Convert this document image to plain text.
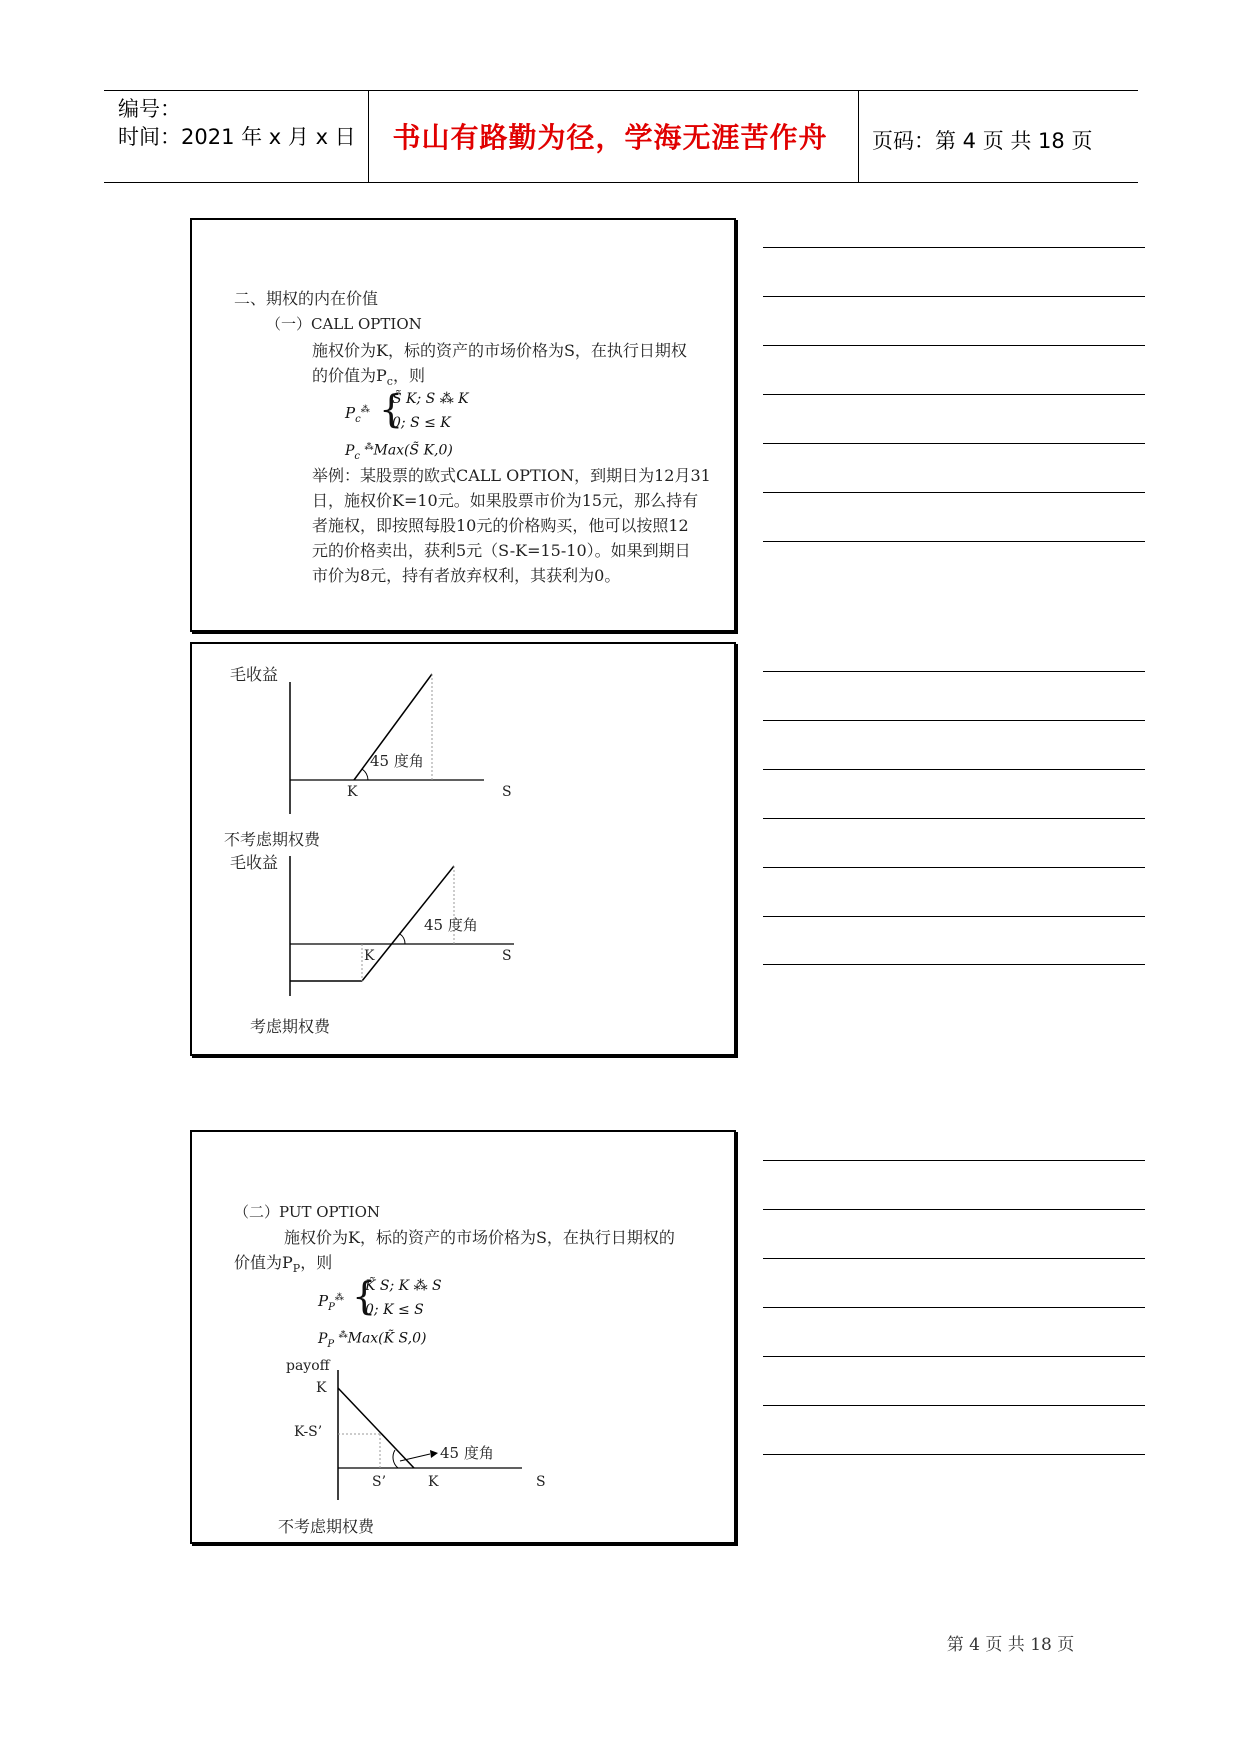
编号：
时间：2021 年 x 月 x 日	书山有路勤为径，学海无涯苦作舟	页码：第 4 页 共 18 页
二、期权的内在价值
（一）CALL OPTION
施权价为K，标的资产的市场价格为S，在执行日期权
的价值为$P_c$，则
$P_c^⁂$ {
S̃ K; S ⁂ K
0; S ≤ K
$P_c$ ⁂Max(S̃ K,0)
举例：某股票的欧式CALL OPTION，到期日为12月31
日，施权价K=10元。如果股票市价为15元，那么持有
者施权，即按照每股10元的价格购买，他可以按照12
元的价格卖出，获利5元（S-K=15-10）。如果到期日
市价为8元，持有者放弃权利，其获利为0。
毛收益
45 度角
K	S
不考虑期权费
毛收益
45 度角
K	S
考虑期权费
（二）PUT OPTION
施权价为K，标的资产的市场价格为S，在执行日期权的
价值为$P_P$，则
$P_P^⁂$ {
K̃ S; K ⁂ S
0; K ≤ S
$P_P$ ⁂Max(K̃ S,0)
payoff
K
K-S’
45 度角
S’	K	S
不考虑期权费
第 4 页 共 18 页
